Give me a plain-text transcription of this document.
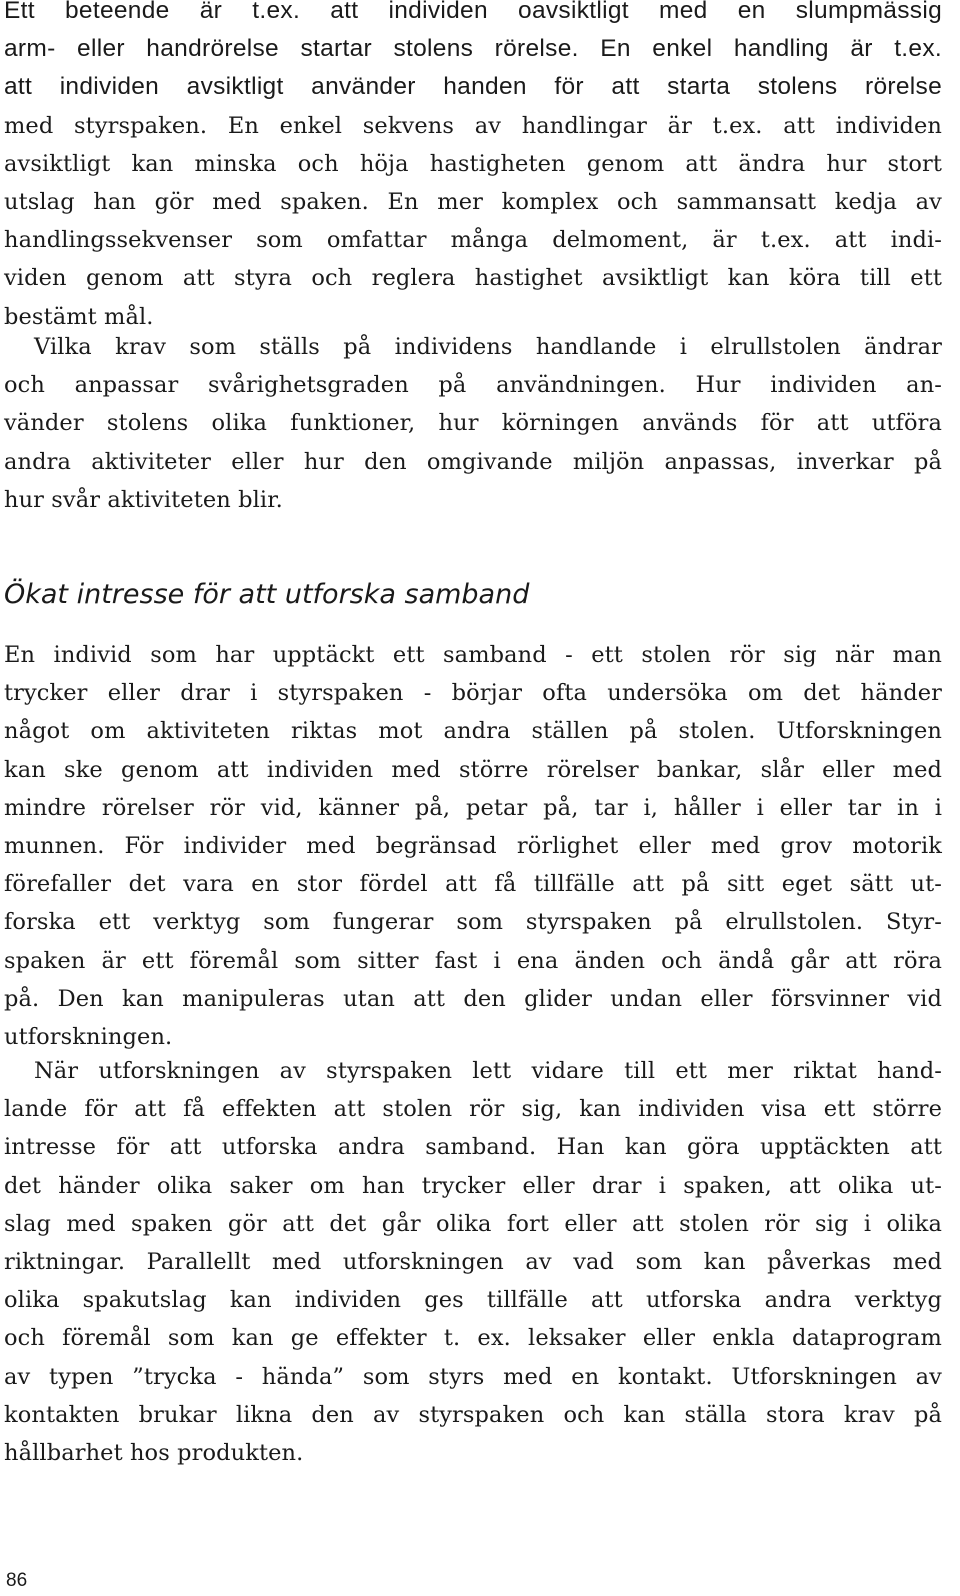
Ett beteende är t.ex. att individen oavsiktligt med en slumpmässig
arm- eller handrörelse startar stolens rörelse. En enkel handling är t.ex.
att individen avsiktligt använder handen för att starta stolens rörelse
med styrspaken. En enkel sekvens av handlingar är t.ex. att individen
avsiktligt kan minska och höja hastigheten genom att ändra hur stort
utslag han gör med spaken. En mer komplex och sammansatt kedja av
handlingssekvenser som omfattar många delmoment, är t.ex. att indi-
viden genom att styra och reglera hastighet avsiktligt kan köra till ett
bestämt mål.
Vilka krav som ställs på individens handlande i elrullstolen ändrar
och anpassar svårighetsgraden på användningen. Hur individen an-
vänder stolens olika funktioner, hur körningen används för att utföra
andra aktiviteter eller hur den omgivande miljön anpassas, inverkar på
hur svår aktiviteten blir.
Ökat intresse för att utforska samband
En individ som har upptäckt ett samband - ett stolen rör sig när man
trycker eller drar i styrspaken - börjar ofta undersöka om det händer
något om aktiviteten riktas mot andra ställen på stolen. Utforskningen
kan ske genom att individen med större rörelser bankar, slår eller med
mindre rörelser rör vid, känner på, petar på, tar i, håller i eller tar in i
munnen. För individer med begränsad rörlighet eller med grov motorik
förefaller det vara en stor fördel att få tillfälle att på sitt eget sätt ut-
forska ett verktyg som fungerar som styrspaken på elrullstolen. Styr-
spaken är ett föremål som sitter fast i ena änden och ändå går att röra
på. Den kan manipuleras utan att den glider undan eller försvinner vid
utforskningen.
När utforskningen av styrspaken lett vidare till ett mer riktat hand-
lande för att få effekten att stolen rör sig, kan individen visa ett större
intresse för att utforska andra samband. Han kan göra upptäckten att
det händer olika saker om han trycker eller drar i spaken, att olika ut-
slag med spaken gör att det går olika fort eller att stolen rör sig i olika
riktningar. Parallellt med utforskningen av vad som kan påverkas med
olika spakutslag kan individen ges tillfälle att utforska andra verktyg
och föremål som kan ge effekter t. ex. leksaker eller enkla dataprogram
av typen ”trycka - hända” som styrs med en kontakt. Utforskningen av
kontakten brukar likna den av styrspaken och kan ställa stora krav på
hållbarhet hos produkten.
86
